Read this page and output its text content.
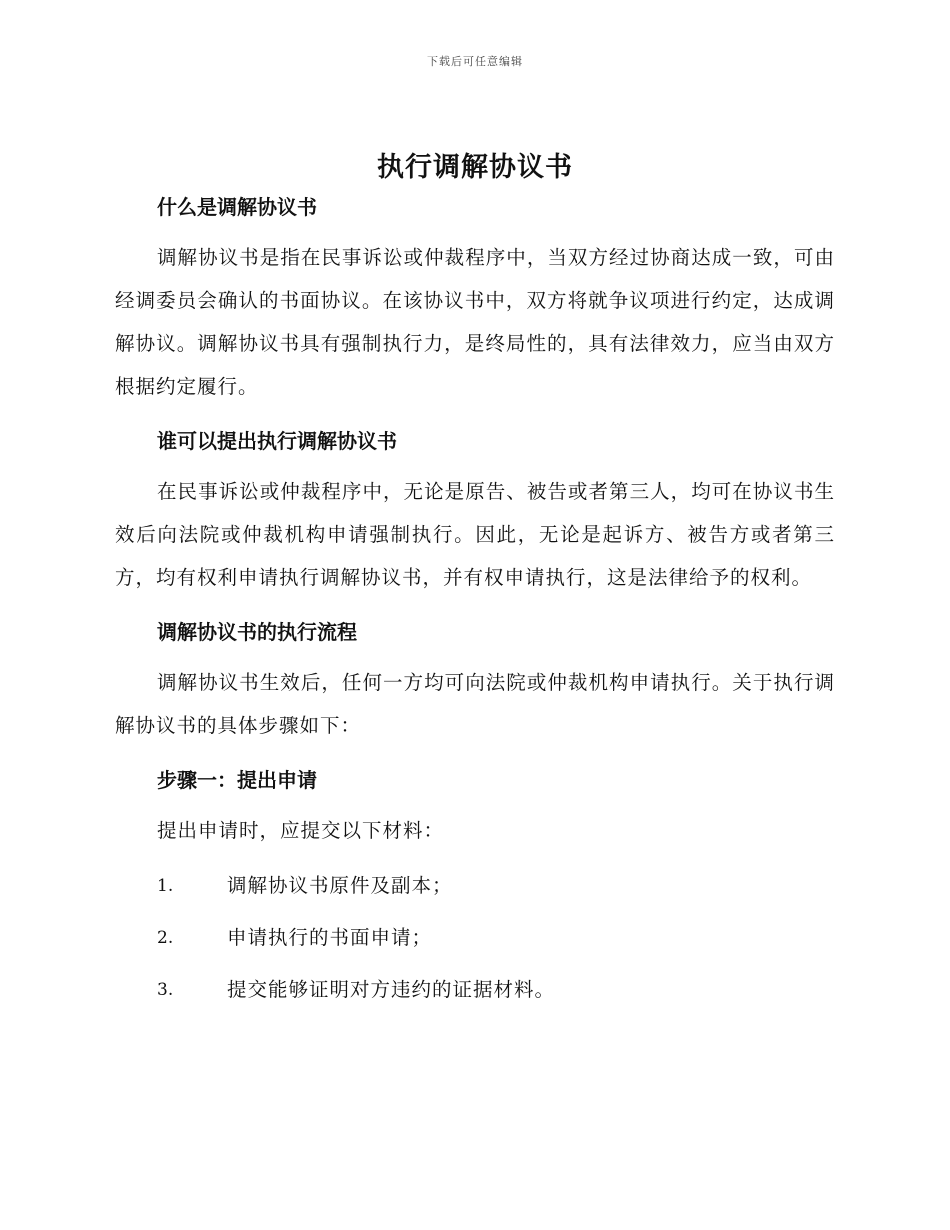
下载后可任意编辑
执行调解协议书

什么是调解协议书

调解协议书是指在民事诉讼或仲裁程序中，当双方经过协商达成一致，可由经调委员会确认的书面协议。在该协议书中，双方将就争议项进行约定，达成调解协议。调解协议书具有强制执行力，是终局性的，具有法律效力，应当由双方根据约定履行。

谁可以提出执行调解协议书

在民事诉讼或仲裁程序中，无论是原告、被告或者第三人，均可在协议书生效后向法院或仲裁机构申请强制执行。因此，无论是起诉方、被告方或者第三方，均有权利申请执行调解协议书，并有权申请执行，这是法律给予的权利。

调解协议书的执行流程

调解协议书生效后，任何一方均可向法院或仲裁机构申请执行。关于执行调解协议书的具体步骤如下：

步骤一：提出申请

提出申请时，应提交以下材料：

1.	调解协议书原件及副本；
2.	申请执行的书面申请；
3.	提交能够证明对方违约的证据材料。
